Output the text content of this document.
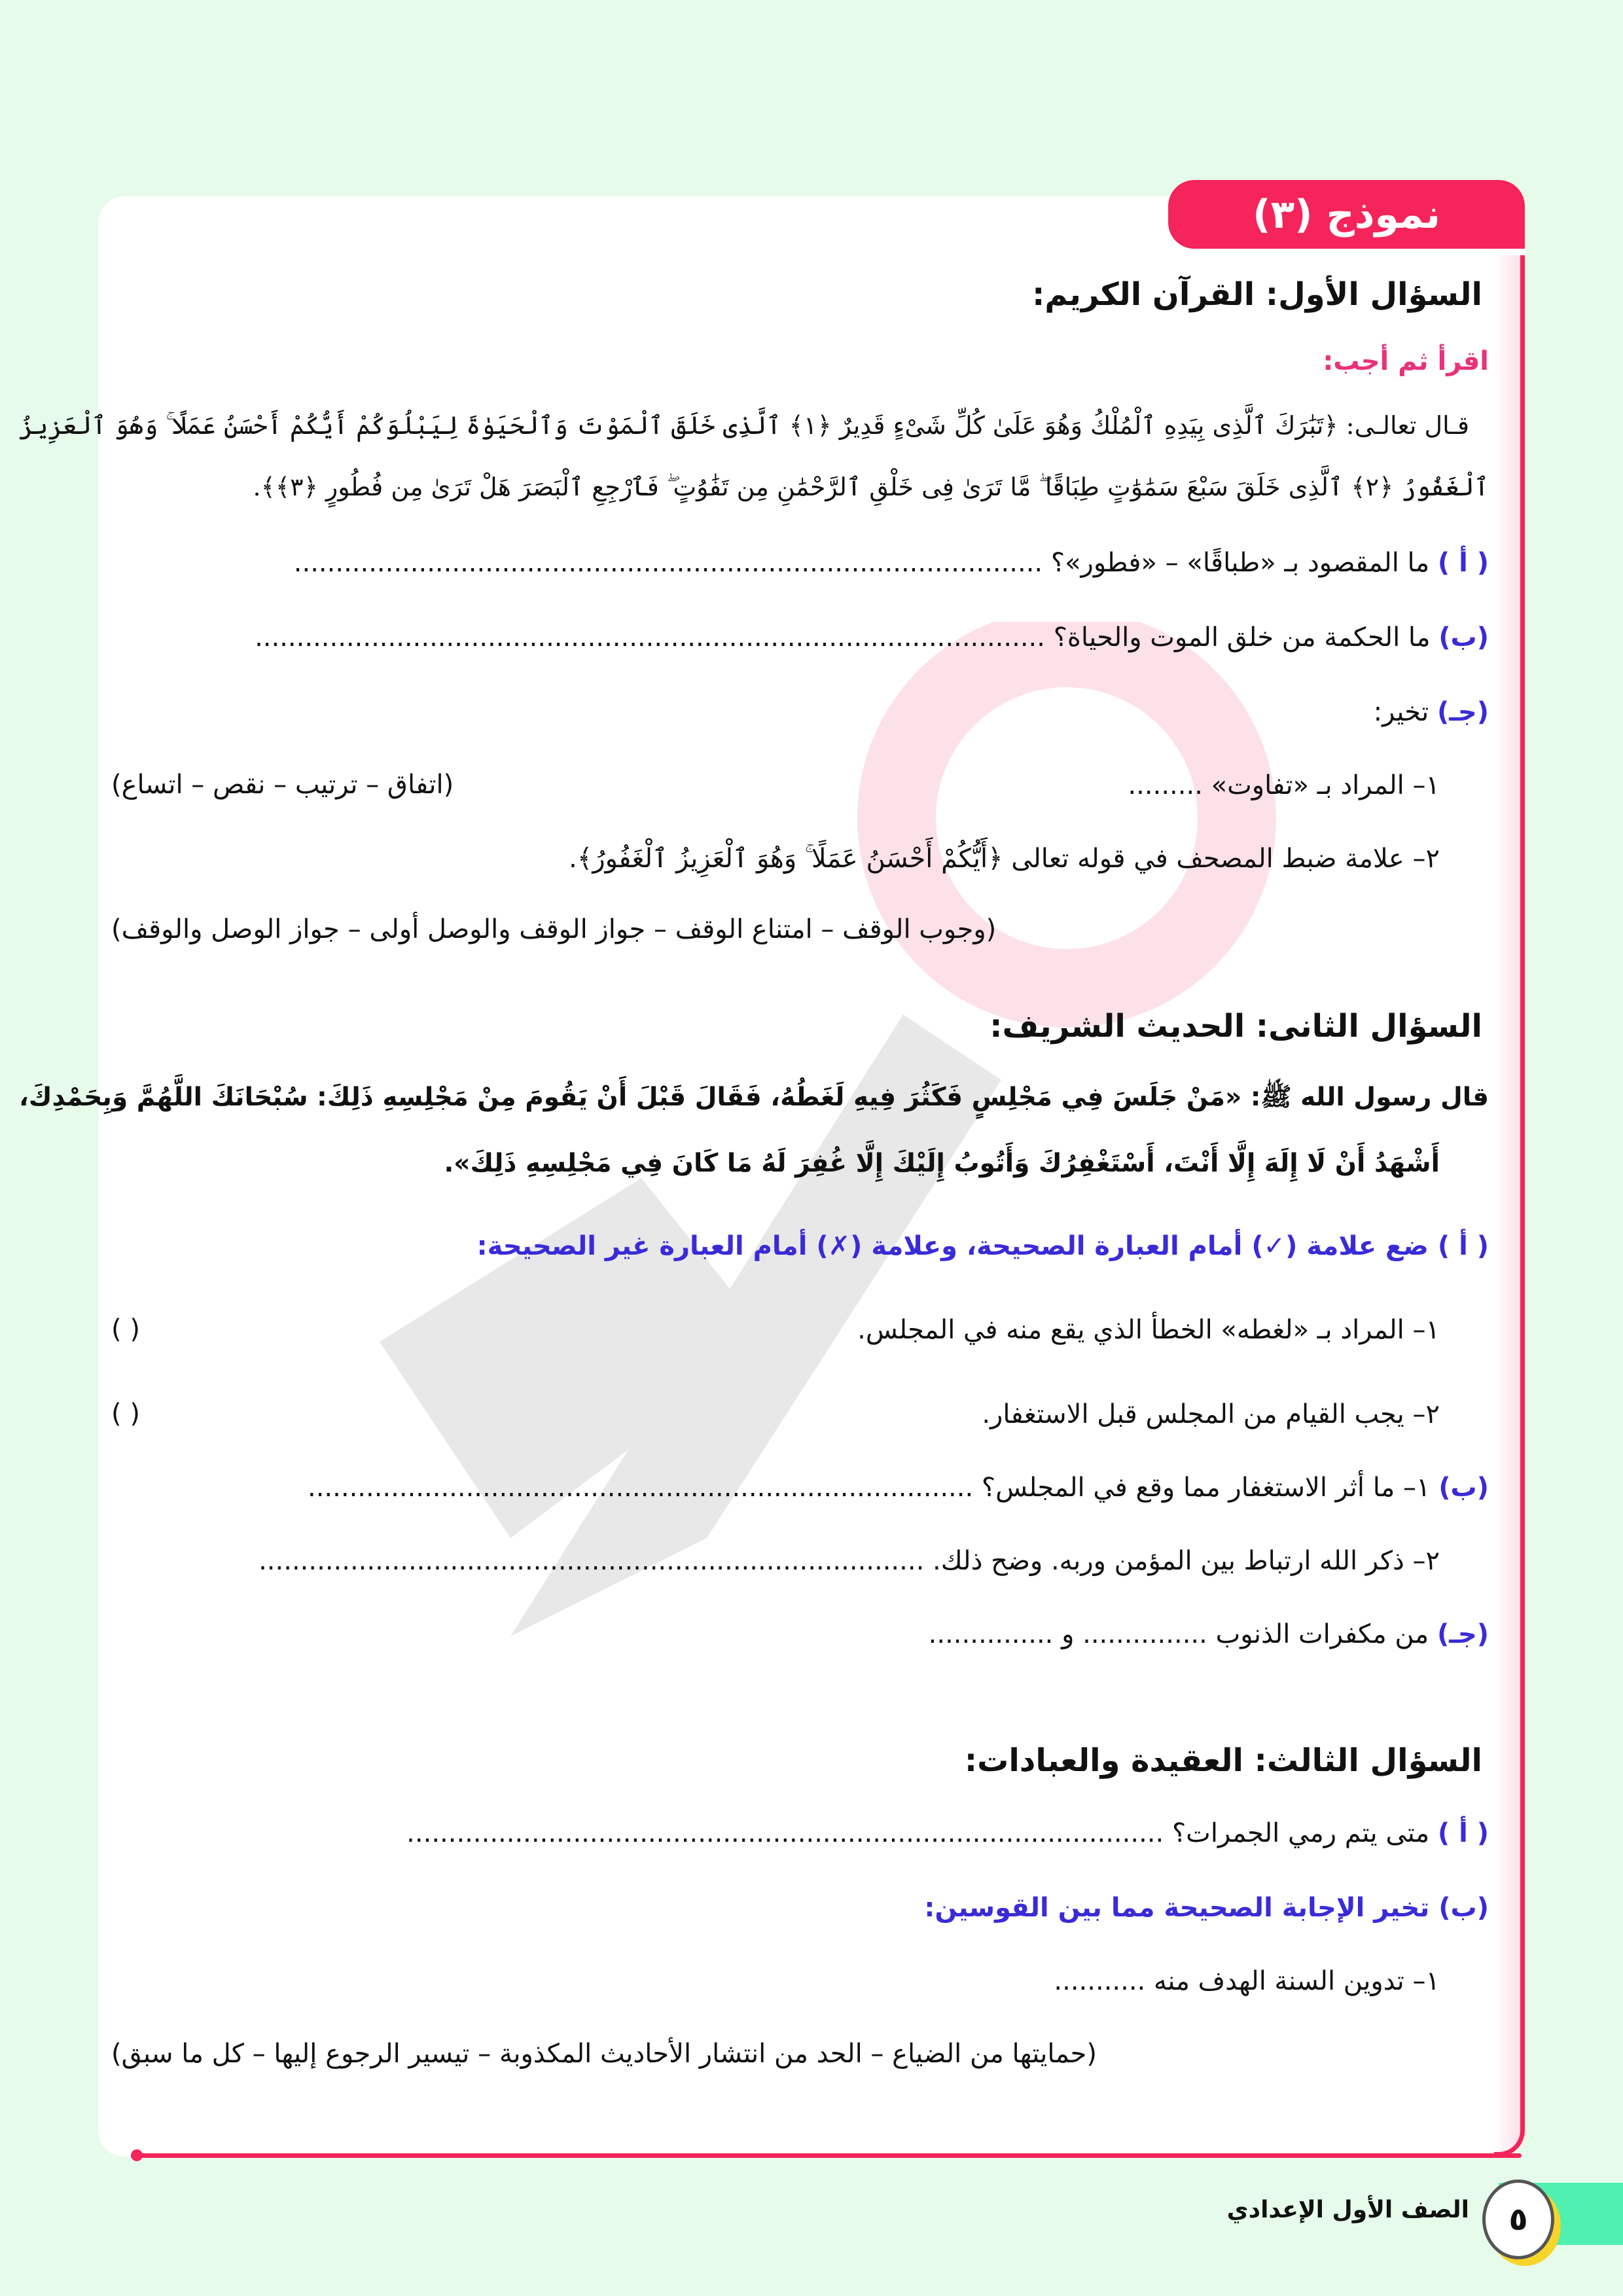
نموذج (٣)
السؤال الأول: القرآن الكريم:
اقرأ ثم أجب:
قـال تعالـى: ﴿تَبَٰرَكَ ٱلَّذِى بِيَدِهِ ٱلْمُلْكُ وَهُوَ عَلَىٰ كُلِّ شَىْءٍ قَدِيرٌ ﴿١﴾ ٱلَّذِى خَلَقَ ٱلْمَوْتَ وَٱلْحَيَوٰةَ لِيَبْلُوَكُمْ أَيُّكُمْ أَحْسَنُ عَمَلًا ۚ وَهُوَ ٱلْعَزِيزُ
ٱلْغَفُورُ ﴿٢﴾ ٱلَّذِى خَلَقَ سَبْعَ سَمَٰوَٰتٍ طِبَاقًا ۖ مَّا تَرَىٰ فِى خَلْقِ ٱلرَّحْمَٰنِ مِن تَفَٰوُتٍ ۖ فَٱرْجِعِ ٱلْبَصَرَ هَلْ تَرَىٰ مِن فُطُورٍ ﴿٣﴾﴾.
( أ ) ما المقصود بـ «طباقًا» – «فطور»؟ ..........................................................................................
(ب) ما الحكمة من خلق الموت والحياة؟ ...............................................................................................
(جـ) تخير:
١– المراد بـ «تفاوت» .........
(اتفاق – ترتيب – نقص – اتساع)
٢– علامة ضبط المصحف في قوله تعالى ﴿أَيُّكُمْ أَحْسَنُ عَمَلًا ۚ وَهُوَ ٱلْعَزِيزُ ٱلْغَفُورُ﴾.
(وجوب الوقف – امتناع الوقف – جواز الوقف والوصل أولى – جواز الوصل والوقف)
السؤال الثانى: الحديث الشريف:
قال رسول الله ﷺ: «مَنْ جَلَسَ فِي مَجْلِسٍ فَكَثُرَ فِيهِ لَغَطُهُ، فَقَالَ قَبْلَ أَنْ يَقُومَ مِنْ مَجْلِسِهِ ذَلِكَ: سُبْحَانَكَ اللَّهُمَّ وَبِحَمْدِكَ،
أَشْهَدُ أَنْ لَا إِلَهَ إِلَّا أَنْتَ، أَسْتَغْفِرُكَ وَأَتُوبُ إِلَيْكَ إِلَّا غُفِرَ لَهُ مَا كَانَ فِي مَجْلِسِهِ ذَلِكَ».
( أ ) ضع علامة (✓) أمام العبارة الصحيحة، وعلامة (✗) أمام العبارة غير الصحيحة:
١– المراد بـ «لغطه» الخطأ الذي يقع منه في المجلس.
( )
٢– يجب القيام من المجلس قبل الاستغفار.
( )
(ب) ١– ما أثر الاستغفار مما وقع في المجلس؟ ................................................................................
٢– ذكر الله ارتباط بين المؤمن وربه. وضح ذلك. ................................................................................
(جـ) من مكفرات الذنوب ............... و ...............
السؤال الثالث: العقيدة والعبادات:
( أ ) متى يتم رمي الجمرات؟ ...........................................................................................
(ب) تخير الإجابة الصحيحة مما بين القوسين:
١– تدوين السنة الهدف منه ...........
(حمايتها من الضياع – الحد من انتشار الأحاديث المكذوبة – تيسير الرجوع إليها – كل ما سبق)
٥
الصف الأول الإعدادي
